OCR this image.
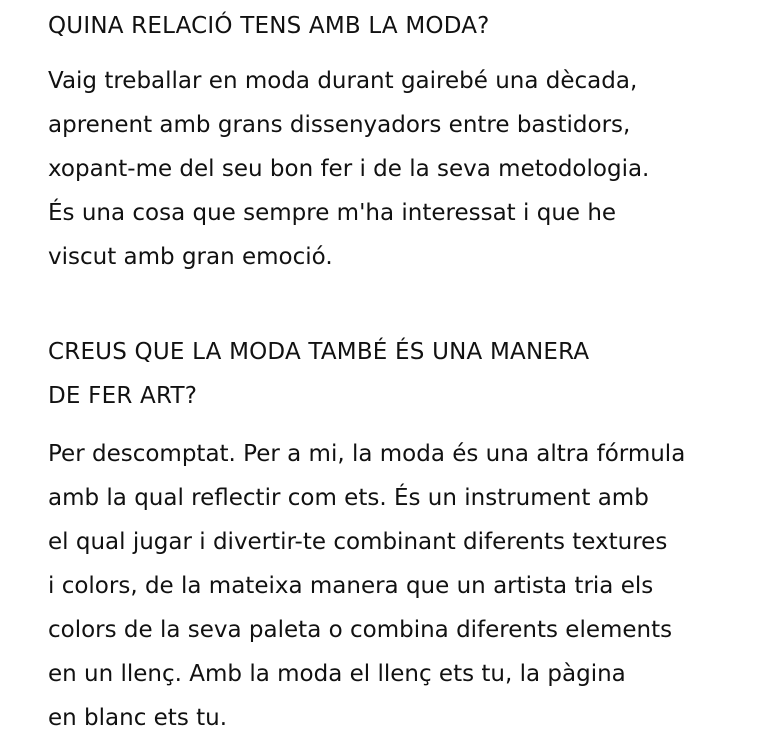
QUINA RELACIÓ TENS AMB LA MODA?

Vaig treballar en moda durant gairebé una dècada,
aprenent amb grans dissenyadors entre bastidors,
xopant-me del seu bon fer i de la seva metodologia.
És una cosa que sempre m'ha interessat i que he
viscut amb gran emoció.

CREUS QUE LA MODA TAMBÉ ÉS UNA MANERA
DE FER ART?

Per descomptat. Per a mi, la moda és una altra fórmula
amb la qual reflectir com ets. És un instrument amb
el qual jugar i divertir-te combinant diferents textures
i colors, de la mateixa manera que un artista tria els
colors de la seva paleta o combina diferents elements
en un llenç. Amb la moda el llenç ets tu, la pàgina
en blanc ets tu.
